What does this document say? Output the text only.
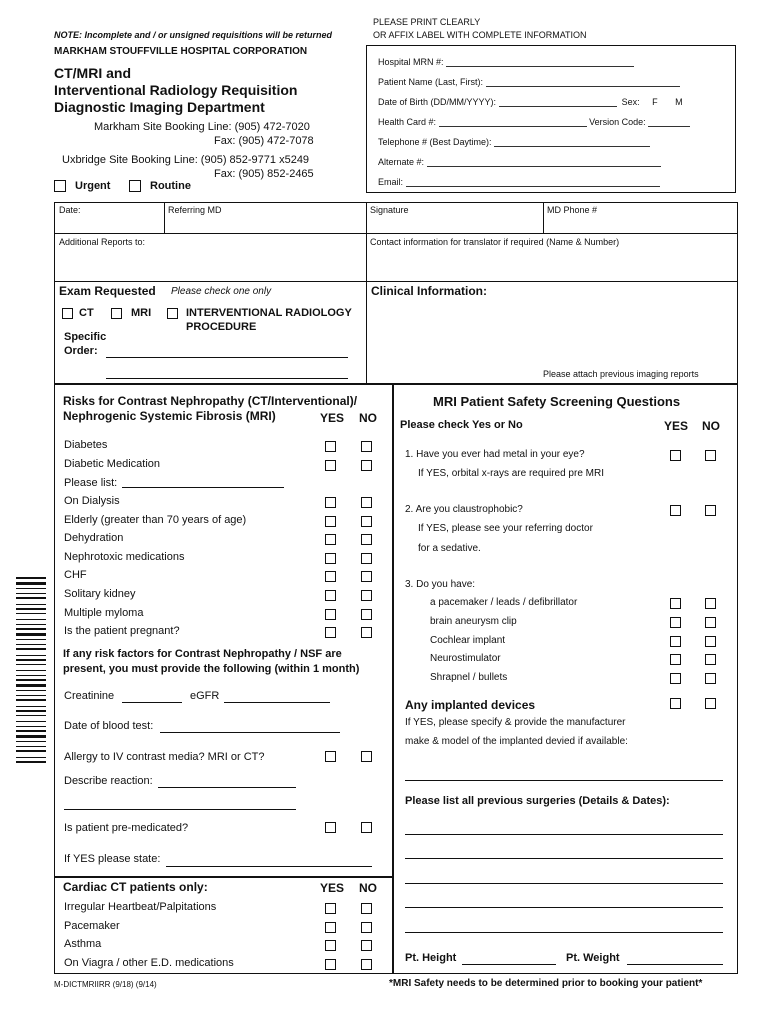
PLEASE PRINT CLEARLY
OR AFFIX LABEL WITH COMPLETE INFORMATION
NOTE: Incomplete and / or unsigned requisitions will be returned
MARKHAM STOUFFVILLE HOSPITAL CORPORATION
CT/MRI and
Interventional Radiology Requisition
Diagnostic Imaging Department
Markham Site Booking Line: (905) 472-7020
Fax: (905) 472-7078
Uxbridge Site Booking Line: (905) 852-9771 x5249
Fax: (905) 852-2465
Urgent	Routine
Hospital MRN #:
Patient Name (Last, First):
Date of Birth (DD/MM/YYYY):	Sex: F M
Health Card #:	Version Code:
Telephone # (Best Daytime):
Alternate #:
Email:
Date:	Referring MD	Signature	MD Phone #
Additional Reports to:	Contact information for translator if required (Name & Number)
Exam Requested Please check one only
CT	MRI	INTERVENTIONAL RADIOLOGY
PROCEDURE
Specific
Order:
Clinical Information:
Please attach previous imaging reports
Risks for Contrast Nephropathy (CT/Interventional)/
Nephrogenic Systemic Fibrosis (MRI)	YES NO
Diabetes
Diabetic Medication
Please list:
On Dialysis
Elderly (greater than 70 years of age)
Dehydration
Nephrotoxic medications
CHF
Solitary kidney
Multiple myloma
Is the patient pregnant?
If any risk factors for Contrast Nephropathy / NSF are
present, you must provide the following (within 1 month)
Creatinine	eGFR
Date of blood test:
Allergy to IV contrast media? MRI or CT?
Describe reaction:
Is patient pre-medicated?
If YES please state:
Cardiac CT patients only:	YES NO
Irregular Heartbeat/Palpitations
Pacemaker
Asthma
On Viagra / other E.D. medications
MRI Patient Safety Screening Questions
Please check Yes or No	YES NO
1. Have you ever had metal in your eye?
If YES, orbital x-rays are required pre MRI
2. Are you claustrophobic?
If YES, please see your referring doctor
for a sedative.
3. Do you have:
a pacemaker / leads / defibrillator
brain aneurysm clip
Cochlear implant
Neurostimulator
Shrapnel / bullets
Any implanted devices
If YES, please specify & provide the manufacturer
make & model of the implanted devied if available:
Please list all previous surgeries (Details & Dates):
Pt. Height	Pt. Weight
M-DICTMRIIRR (9/18) (9/14)	*MRI Safety needs to be determined prior to booking your patient*
